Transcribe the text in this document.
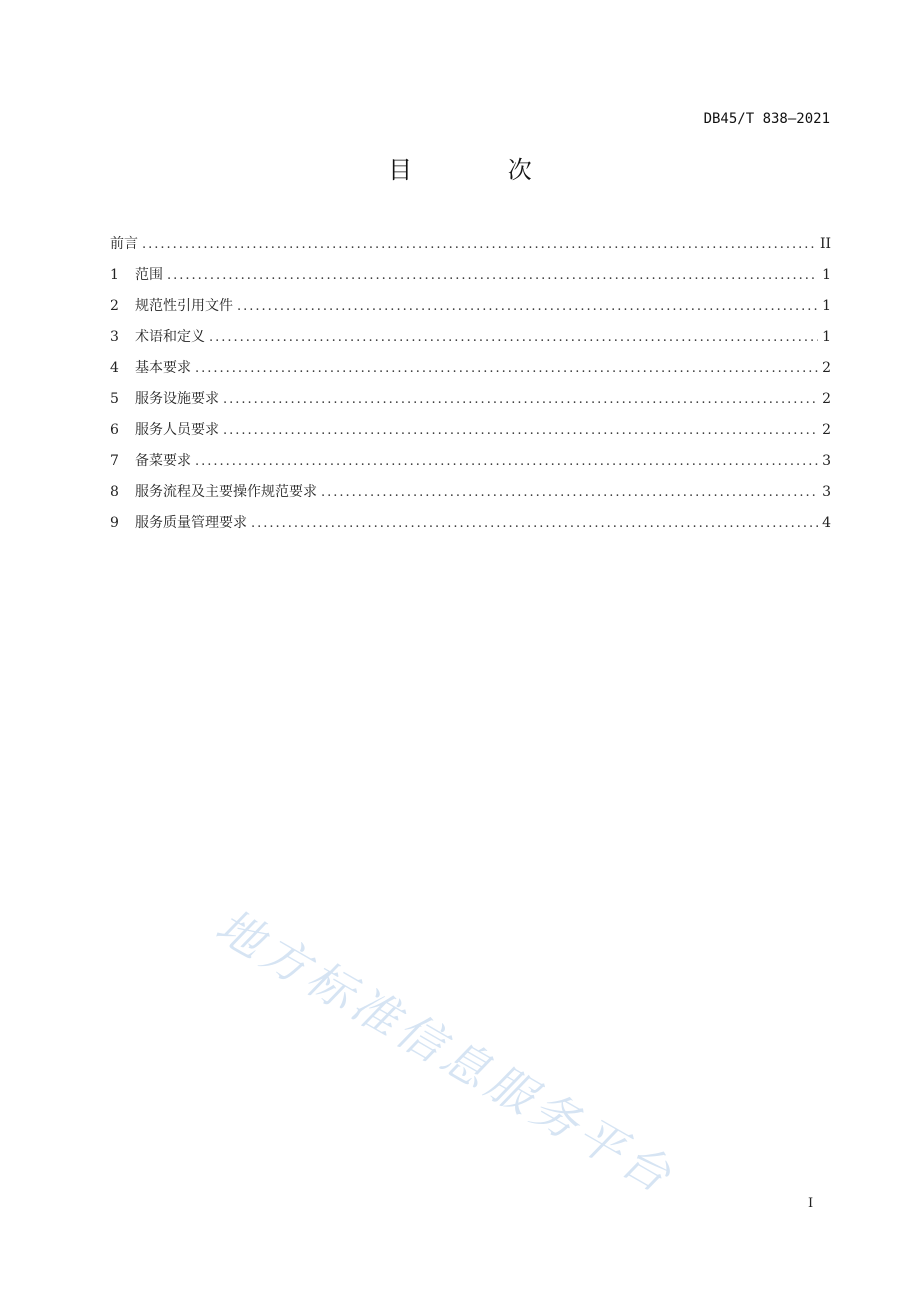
DB45/T 838—2021
目 次
前言 .....	II
1	范围 .....	1
2	规范性引用文件 .....	1
3	术语和定义 .....	1
4	基本要求 .....	2
5	服务设施要求 .....	2
6	服务人员要求 .....	2
7	备菜要求 .....	3
8	服务流程及主要操作规范要求 .....	3
9	服务质量管理要求 .....	4
地方标准信息服务平台	I
